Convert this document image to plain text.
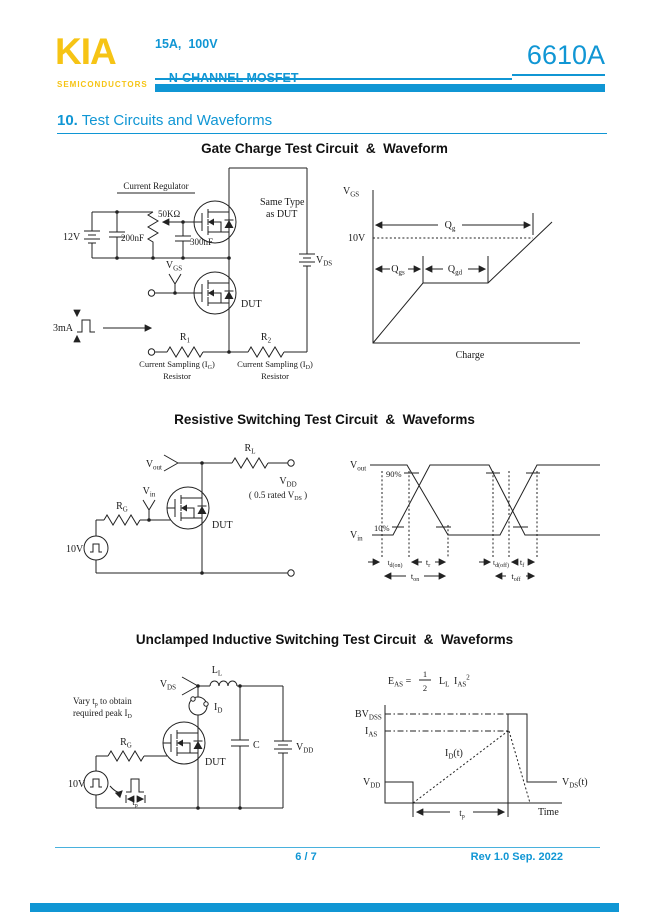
KIA
SEMICONDUCTORS
15A,  100V

	6610A
10. Test Circuits and Waveforms
Gate Charge Test Circuit  &  Waveform
Resistive Switching Test Circuit  &  Waveforms
Unclamped Inductive Switching Test Circuit  &  Waveforms
Current Regulator
12V	200nF
50KΩ
300nF
Same Type
as DUT
$V_{DS}$
$V_{GS}$
DUT
3mA
$R_1$	$R_2$
Current Sampling $(I_G)$
Resistor
Current Sampling $(I_D)$
Resistor
$V_{GS}$
10V
$Q_g$
$Q_{gs}$	$Q_{gd}$
Charge
$V_{out}$
$R_L$
$V_{DD}$
( 0.5 rated $V_{DS}$ )
$V_{in}$
$R_G$
10V
DUT
$V_{out}$
$V_{in}$
90%
10%
$t_{d(on)}$	$t_r$
$t_{on}$
$t_{d(off)}$ $t_f$
$t_{off}$
Vary $t_p$ to obtain
required peak $I_D$
$V_{DS}$
$L_L$
$I_D$
$R_G$
10V
DUT
$t_p$
C	$V_{DD}$
$E_{AS}$ =
1
2
$L_L$ $I_{AS}^2$
$BV_{DSS}$
$I_{AS}$
$V_{DD}$
$I_D(t)$
$V_{DS}(t)$
$t_p$	Time
6 / 7	Rev 1.0 Sep. 2022
